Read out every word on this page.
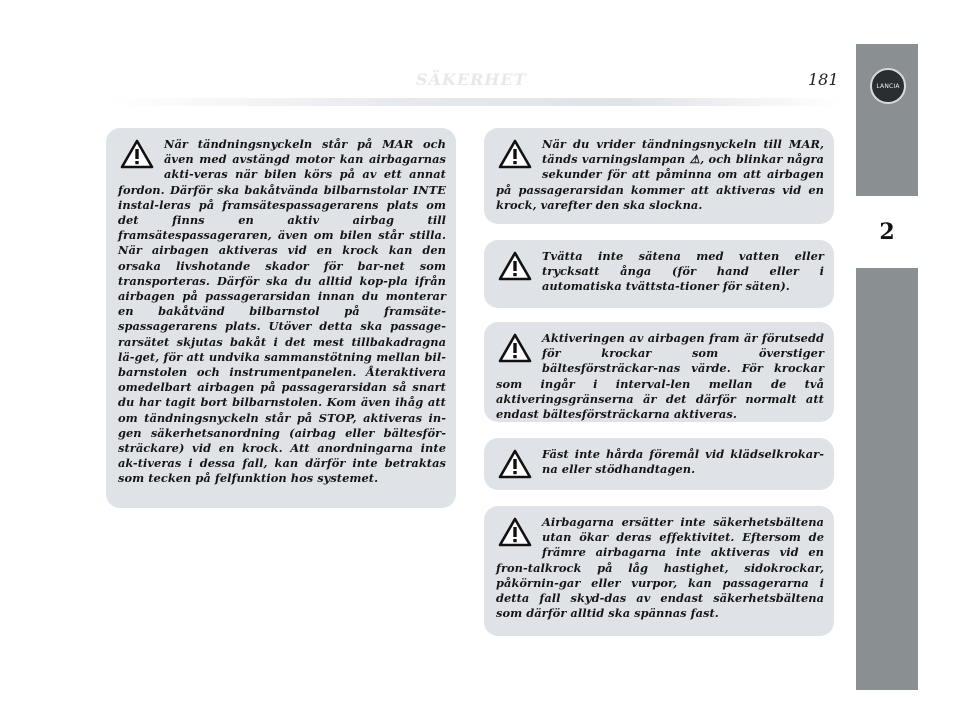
SÄKERHET	181	LANCIA
2

När tändningsnyckeln står på MAR och även med avstängd motor kan airbagarnas akti-veras när bilen körs på av ett annat fordon. Därför ska bakåtvända bilbarnstolar INTE instal-leras på framsätespassagerarens plats om det finns en aktiv airbag till framsätespassageraren, även om bilen står stilla. När airbagen aktiveras vid en krock kan den orsaka livshotande skador för bar-net som transporteras. Därför ska du alltid kop-pla ifrån airbagen på passagerarsidan innan du monterar en bakåtvänd bilbarnstol på framsäte-spassagerarens plats. Utöver detta ska passage-rarsätet skjutas bakåt i det mest tillbakadragna lä-get, för att undvika sammanstötning mellan bil-barnstolen och instrumentpanelen. Återaktivera omedelbart airbagen på passagerarsidan så snart du har tagit bort bilbarnstolen. Kom även ihåg att om tändningsnyckeln står på STOP, aktiveras in-gen säkerhetsanordning (airbag eller bältesför-sträckare) vid en krock. Att anordningarna inte ak-tiveras i dessa fall, kan därför inte betraktas som tecken på felfunktion hos systemet.

När du vrider tändningsnyckeln till MAR, tänds varningslampan ⚠, och blinkar några sekunder för att påminna om att airbagen på passagerarsidan kommer att aktiveras vid en krock, varefter den ska slockna.

Tvätta inte sätena med vatten eller trycksatt ånga (för hand eller i automatiska tvättsta-tioner för säten).

Aktiveringen av airbagen fram är förutsedd för krockar som överstiger bältesförsträckar-nas värde. För krockar som ingår i interval-len mellan de två aktiveringsgränserna är det därför normalt att endast bältesförsträckarna aktiveras.

Fäst inte hårda föremål vid klädselkrokar-na eller stödhandtagen.

Airbagarna ersätter inte säkerhetsbältena utan ökar deras effektivitet. Eftersom de främre airbagarna inte aktiveras vid en fron-talkrock på låg hastighet, sidokrockar, påkörnin-gar eller vurpor, kan passagerarna i detta fall skyd-das av endast säkerhetsbältena som därför alltid ska spännas fast.
